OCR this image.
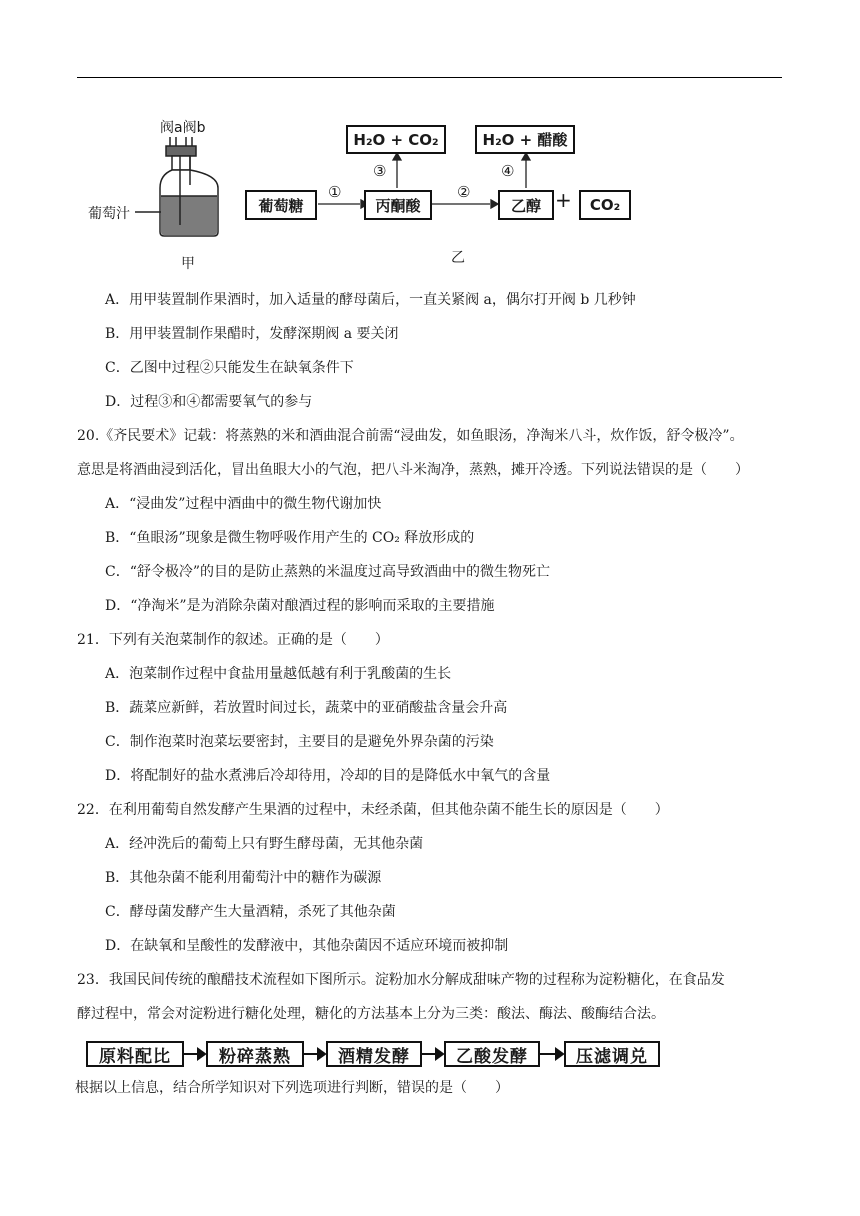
阀a阀b
葡萄汁
甲
葡萄糖
①
丙酮酸
②
乙醇 +	CO₂
③
H₂O + CO₂
④
H₂O + 醋酸
乙
A．用甲装置制作果酒时，加入适量的酵母菌后，一直关紧阀 a，偶尔打开阀 b 几秒钟
B．用甲装置制作果醋时，发酵深期阀 a 要关闭
C．乙图中过程②只能发生在缺氧条件下
D．过程③和④都需要氧气的参与
20.《齐民要术》记载：将蒸熟的米和酒曲混合前需“浸曲发，如鱼眼汤，净淘米八斗，炊作饭，舒令极冷”。
意思是将酒曲浸到活化，冒出鱼眼大小的气泡，把八斗米淘净，蒸熟，摊开冷透。下列说法错误的是（　　）
A．“浸曲发”过程中酒曲中的微生物代谢加快
B．“鱼眼汤”现象是微生物呼吸作用产生的 CO₂ 释放形成的
C．“舒令极冷”的目的是防止蒸熟的米温度过高导致酒曲中的微生物死亡
D．“净淘米”是为消除杂菌对酿酒过程的影响而采取的主要措施
21．下列有关泡菜制作的叙述。正确的是（　　）
A．泡菜制作过程中食盐用量越低越有利于乳酸菌的生长
B．蔬菜应新鲜，若放置时间过长，蔬菜中的亚硝酸盐含量会升高
C．制作泡菜时泡菜坛要密封，主要目的是避免外界杂菌的污染
D．将配制好的盐水煮沸后冷却待用，冷却的目的是降低水中氧气的含量
22．在利用葡萄自然发酵产生果酒的过程中，未经杀菌，但其他杂菌不能生长的原因是（　　）
A．经冲洗后的葡萄上只有野生酵母菌，无其他杂菌
B．其他杂菌不能利用葡萄汁中的糖作为碳源
C．酵母菌发酵产生大量酒精，杀死了其他杂菌
D．在缺氧和呈酸性的发酵液中，其他杂菌因不适应环境而被抑制
23．我国民间传统的酿醋技术流程如下图所示。淀粉加水分解成甜味产物的过程称为淀粉糖化，在食品发
酵过程中，常会对淀粉进行糖化处理，糖化的方法基本上分为三类：酸法、酶法、酸酶结合法。
原料配比	粉碎蒸熟	酒精发酵	乙酸发酵	压滤调兑
根据以上信息，结合所学知识对下列选项进行判断，错误的是（　　）
